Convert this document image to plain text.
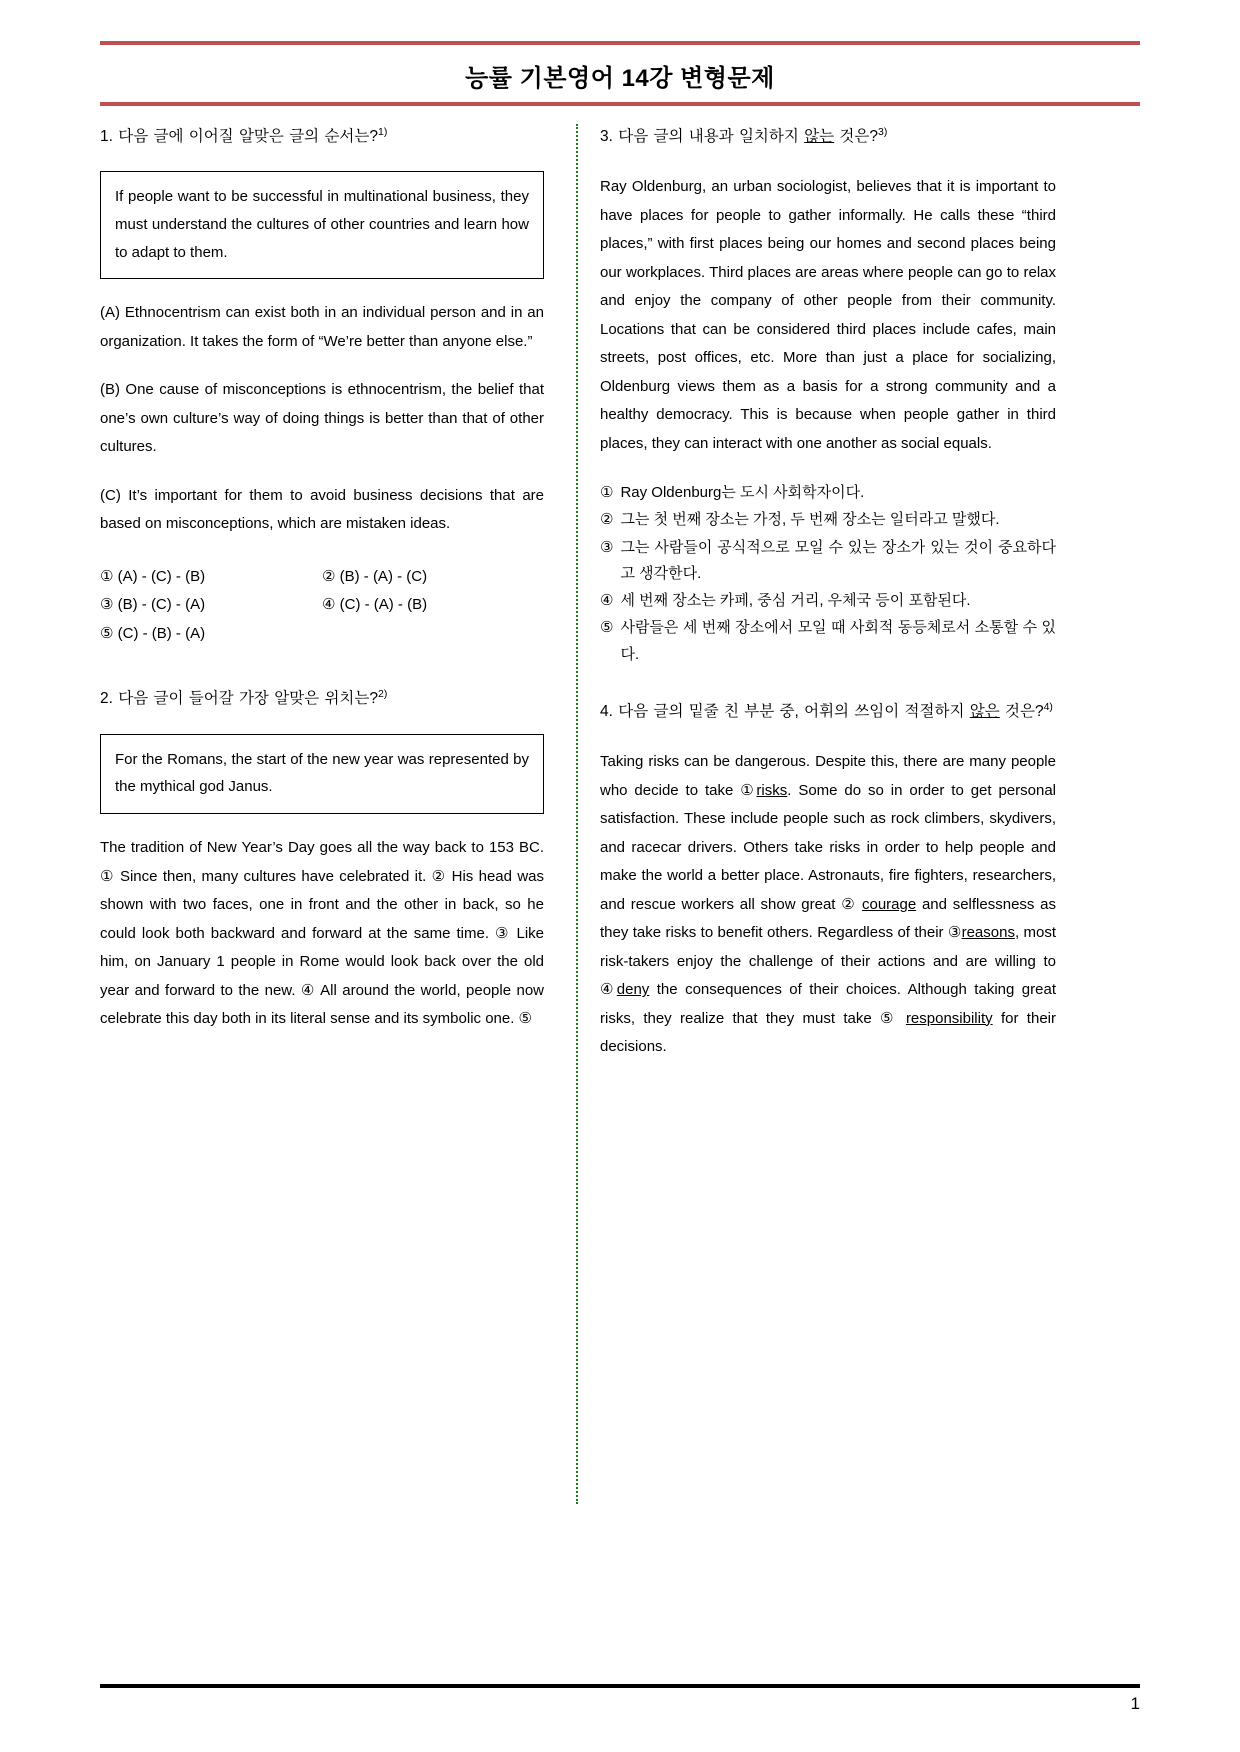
능률 기본영어 14강 변형문제
1. 다음 글에 이어질 알맞은 글의 순서는?$^{1)}$
If people want to be successful in multinational business, they must understand the cultures of other countries and learn how to adapt to them.
(A) Ethnocentrism can exist both in an individual person and in an organization. It takes the form of “We’re better than anyone else.”
(B) One cause of misconceptions is ethnocentrism, the belief that one’s own culture’s way of doing things is better than that of other cultures.
(C) It’s important for them to avoid business decisions that are based on misconceptions, which are mistaken ideas.
① (A) - (C) - (B)	② (B) - (A) - (C)
③ (B) - (C) - (A)	④ (C) - (A) - (B)
⑤ (C) - (B) - (A)
2. 다음 글이 들어갈 가장 알맞은 위치는?$^{2)}$
For the Romans, the start of the new year was represented by the mythical god Janus.
The tradition of New Year’s Day goes all the way back to 153 BC. ① Since then, many cultures have celebrated it. ② His head was shown with two faces, one in front and the other in back, so he could look both backward and forward at the same time. ③ Like him, on January 1 people in Rome would look back over the old year and forward to the new. ④ All around the world, people now celebrate this day both in its literal sense and its symbolic one. ⑤
3. 다음 글의 내용과 일치하지 않는 것은?$^{3)}$
Ray Oldenburg, an urban sociologist, believes that it is important to have places for people to gather informally. He calls these “third places,” with first places being our homes and second places being our workplaces. Third places are areas where people can go to relax and enjoy the company of other people from their community. Locations that can be considered third places include cafes, main streets, post offices, etc. More than just a place for socializing, Oldenburg views them as a basis for a strong community and a healthy democracy. This is because when people gather in third places, they can interact with one another as social equals.
① Ray Oldenburg는 도시 사회학자이다.
② 그는 첫 번째 장소는 가정, 두 번째 장소는 일터라고 말했다.
③ 그는 사람들이 공식적으로 모일 수 있는 장소가 있는 것이 중요하다고 생각한다.
④ 세 번째 장소는 카페, 중심 거리, 우체국 등이 포함된다.
⑤ 사람들은 세 번째 장소에서 모일 때 사회적 동등체로서 소통할 수 있다.
4. 다음 글의 밑줄 친 부분 중, 어휘의 쓰임이 적절하지 않은 것은?$^{4)}$
Taking risks can be dangerous. Despite this, there are many people who decide to take ①risks. Some do so in order to get personal satisfaction. These include people such as rock climbers, skydivers, and racecar drivers. Others take risks in order to help people and make the world a better place. Astronauts, fire fighters, researchers, and rescue workers all show great ② courage and selflessness as they take risks to benefit others. Regardless of their ③reasons, most risk-takers enjoy the challenge of their actions and are willing to ④deny the consequences of their choices. Although taking great risks, they realize that they must take ⑤ responsibility for their decisions.
1
